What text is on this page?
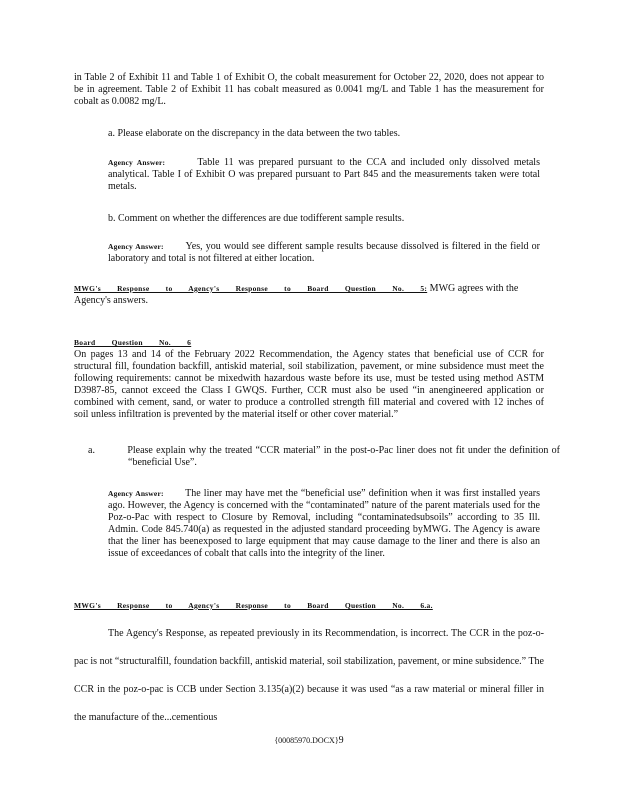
in Table 2 of Exhibit 11 and Table 1 of Exhibit O, the cobalt measurement for October 22, 2020, does not appear to be in agreement. Table 2 of Exhibit 11 has cobalt measured as 0.0041 mg/L and Table 1 has the measurement for cobalt as 0.0082 mg/L.
a. Please elaborate on the discrepancy in the data between the two tables.
Agency Answer:	Table 11 was prepared pursuant to the CCA and included only dissolved metals analytical. Table I of Exhibit O was prepared pursuant to Part 845 and the measurements taken were total metals.
b. Comment on whether the differences are due todifferent sample results.
Agency Answer: Yes, you would see different sample results because dissolved is filtered in the field or laboratory and total is not filtered at either location.
MWG's Response to Agency's Response to Board Question No. 5: MWG agrees with the Agency's answers.
Board Question No. 6
On pages 13 and 14 of the February 2022 Recommendation, the Agency states that beneficial use of CCR for structural fill, foundation backfill, antiskid material, soil stabilization, pavement, or mine subsidence must meet the following requirements: cannot be mixedwith hazardous waste before its use, must be tested using method ASTM D3987-85, cannot exceed the Class I GWQS. Further, CCR must also be used “in anengineered application or combined with cement, sand, or water to produce a controlled strength fill material and covered with 12 inches of soil unless infiltration is prevented by the material itself or other cover material.”
a.	Please explain why the treated “CCR material” in the post-o-Pac liner does not fit under the definition of “beneficial Use”.
Agency Answer: The liner may have met the “beneficial use” definition when it was first installed years ago. However, the Agency is concerned with the “contaminated” nature of the parent materials used for the Poz-o-Pac with respect to Closure by Removal, including “contaminatedsubsoils” according to 35 Ill. Admin. Code 845.740(a) as requested in the adjusted standard proceeding byMWG. The Agency is aware that the liner has beenexposed to large equipment that may cause damage to the liner and there is also an issue of exceedances of cobalt that calls into the integrity of the liner.
MWG's Response to Agency's Response to Board Question No. 6.a.
The Agency's Response, as repeated previously in its Recommendation, is incorrect. The CCR in the poz-o-pac is not “structuralfill, foundation backfill, antiskid material, soil stabilization, pavement, or mine subsidence.” The CCR in the poz-o-pac is CCB under Section 3.135(a)(2) because it was used “as a raw material or mineral filler in the manufacture of the...cementious
{00085970.DOCX}9
